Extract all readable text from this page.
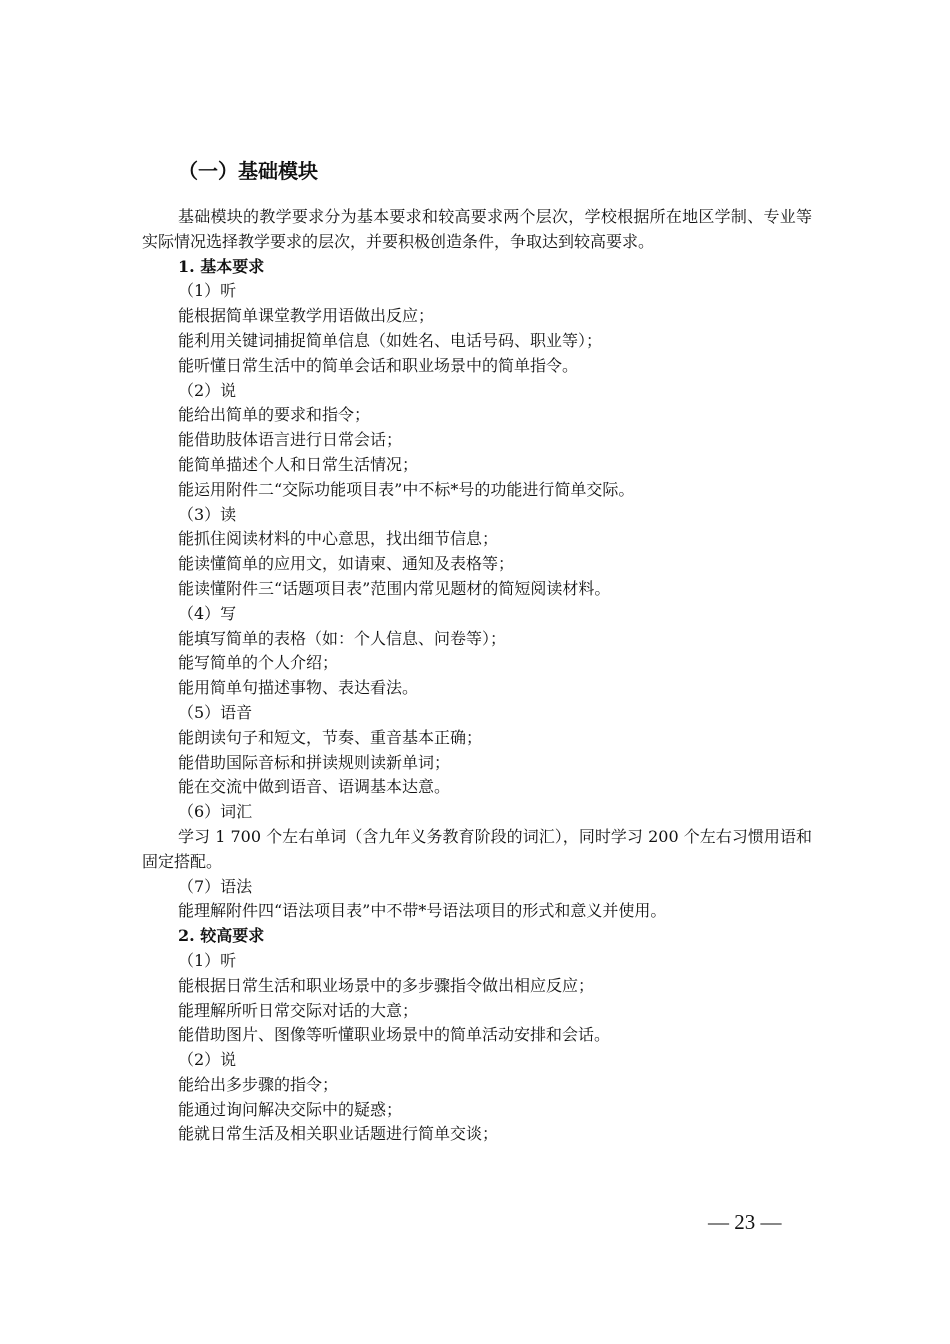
（一）基础模块

基础模块的教学要求分为基本要求和较高要求两个层次，学校根据所在地区学制、专业等实际情况选择教学要求的层次，并要积极创造条件，争取达到较高要求。

1. 基本要求

（1）听

能根据简单课堂教学用语做出反应；

能利用关键词捕捉简单信息（如姓名、电话号码、职业等）；

能听懂日常生活中的简单会话和职业场景中的简单指令。

（2）说

能给出简单的要求和指令；

能借助肢体语言进行日常会话；

能简单描述个人和日常生活情况；

能运用附件二“交际功能项目表”中不标*号的功能进行简单交际。

（3）读

能抓住阅读材料的中心意思，找出细节信息；

能读懂简单的应用文，如请柬、通知及表格等；

能读懂附件三“话题项目表”范围内常见题材的简短阅读材料。

（4）写

能填写简单的表格（如：个人信息、问卷等）；

能写简单的个人介绍；

能用简单句描述事物、表达看法。

（5）语音

能朗读句子和短文，节奏、重音基本正确；

能借助国际音标和拼读规则读新单词；

能在交流中做到语音、语调基本达意。

（6）词汇

学习 1 700 个左右单词（含九年义务教育阶段的词汇），同时学习 200 个左右习惯用语和固定搭配。

（7）语法

能理解附件四“语法项目表”中不带*号语法项目的形式和意义并使用。

2. 较高要求

（1）听

能根据日常生活和职业场景中的多步骤指令做出相应反应；

能理解所听日常交际对话的大意；

能借助图片、图像等听懂职业场景中的简单活动安排和会话。

（2）说

能给出多步骤的指令；

能通过询问解决交际中的疑惑；

能就日常生活及相关职业话题进行简单交谈；

— 23 —
